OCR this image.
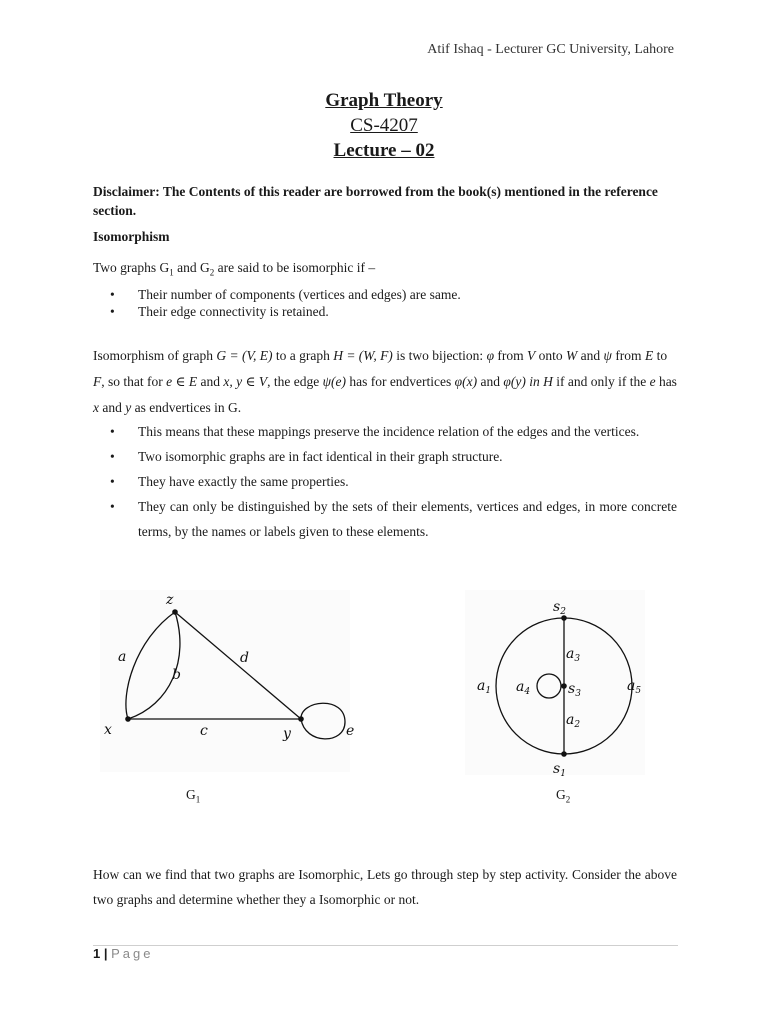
Atif Ishaq - Lecturer GC University, Lahore
Graph Theory
CS-4207
Lecture – 02
Disclaimer: The Contents of this reader are borrowed from the book(s) mentioned in the reference section.
Isomorphism
Two graphs $G_1$ and $G_2$ are said to be isomorphic if –
• Their number of components (vertices and edges) are same.
• Their edge connectivity is retained.
Isomorphism of graph G = (V, E) to a graph H = (W, F) is two bijection: φ from V onto W and ψ from E to F, so that for e ∈ E and x, y ∈ V, the edge ψ(e) has for endvertices φ(x) and φ(y) in H if and only if the e has x and y as endvertices in G.
• This means that these mappings preserve the incidence relation of the edges and the vertices.
• Two isomorphic graphs are in fact identical in their graph structure.
• They have exactly the same properties.
• They can only be distinguished by the sets of their elements, vertices and edges, in more concrete terms, by the names or labels given to these elements.
z
x	y
a
b
c
d
e
$s_2$
$s_3$
$s_1$
$a_3$
$a_2$
$a_4$
$a_1$	$a_5$
$G_1$	$G_2$
How can we find that two graphs are Isomorphic, Lets go through step by step activity. Consider the above two graphs and determine whether they a Isomorphic or not.
1 | Page
